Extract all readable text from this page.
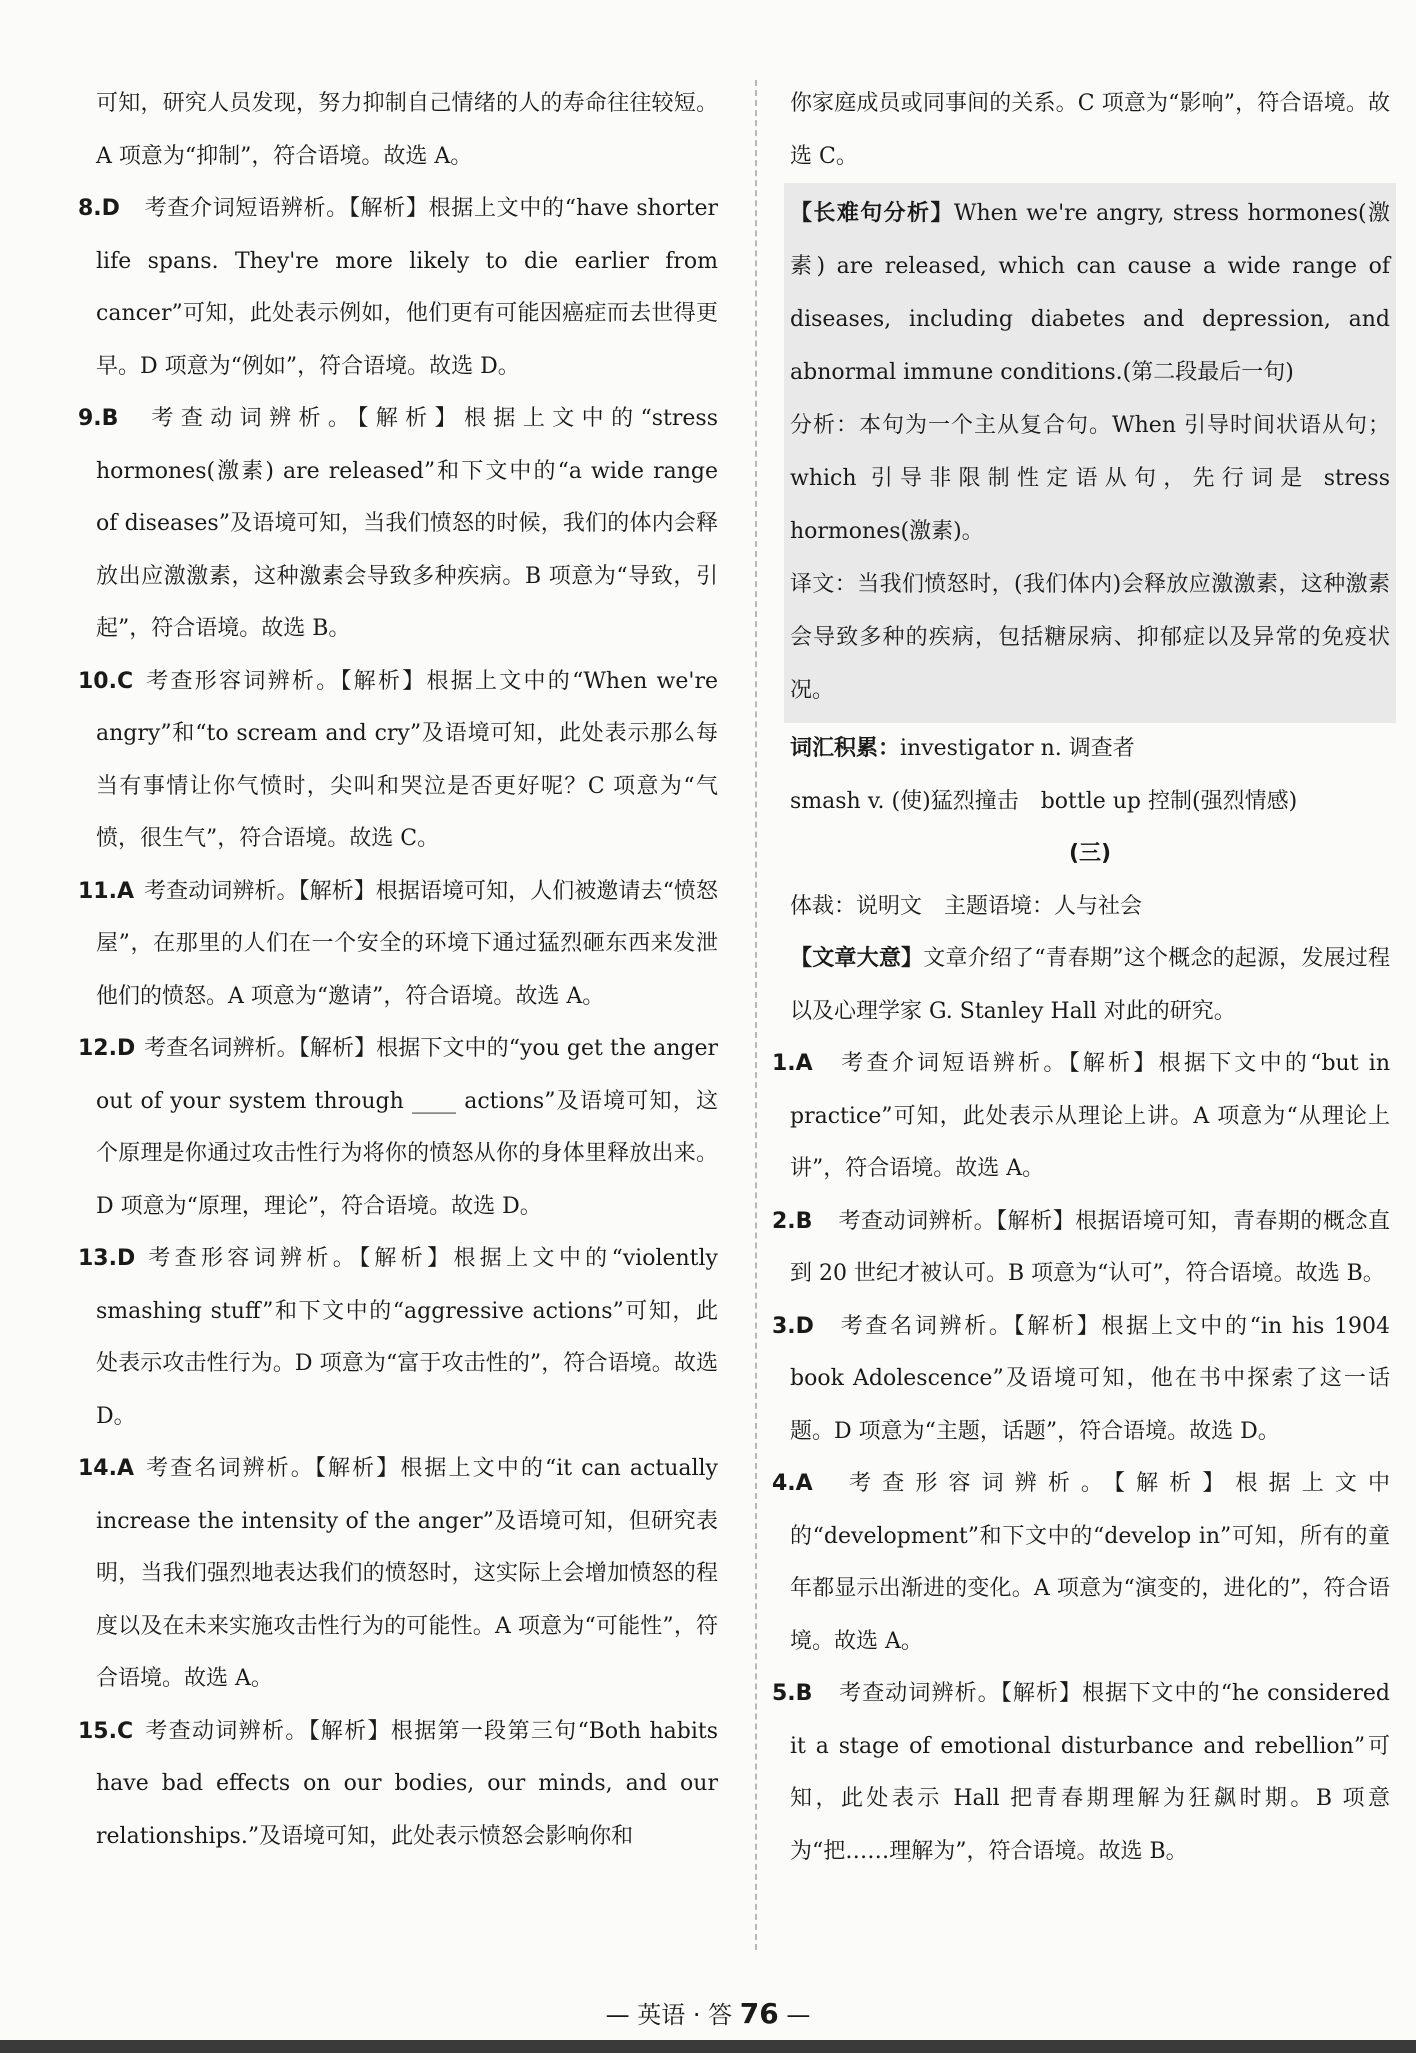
可知，研究人员发现，努力抑制自己情绪的人的寿命往往较短。A 项意为“抑制”，符合语境。故选 A。

8.D 考查介词短语辨析。【解析】根据上文中的“have shorter life spans. They're more likely to die earlier from cancer”可知，此处表示例如，他们更有可能因癌症而去世得更早。D 项意为“例如”，符合语境。故选 D。

9.B 考查动词辨析。【解析】根据上文中的“stress hormones(激素) are released”和下文中的“a wide range of diseases”及语境可知，当我们愤怒的时候，我们的体内会释放出应激激素，这种激素会导致多种疾病。B 项意为“导致，引起”，符合语境。故选 B。

10.C 考查形容词辨析。【解析】根据上文中的“When we're angry”和“to scream and cry”及语境可知，此处表示那么每当有事情让你气愤时，尖叫和哭泣是否更好呢？C 项意为“气愤，很生气”，符合语境。故选 C。

11.A 考查动词辨析。【解析】根据语境可知，人们被邀请去“愤怒屋”，在那里的人们在一个安全的环境下通过猛烈砸东西来发泄他们的愤怒。A 项意为“邀请”，符合语境。故选 A。

12.D 考查名词辨析。【解析】根据下文中的“you get the anger out of your system through ____ actions”及语境可知，这个原理是你通过攻击性行为将你的愤怒从你的身体里释放出来。D 项意为“原理，理论”，符合语境。故选 D。

13.D 考查形容词辨析。【解析】根据上文中的“violently smashing stuff”和下文中的“aggressive actions”可知，此处表示攻击性行为。D 项意为“富于攻击性的”，符合语境。故选 D。

14.A 考查名词辨析。【解析】根据上文中的“it can actually increase the intensity of the anger”及语境可知，但研究表明，当我们强烈地表达我们的愤怒时，这实际上会增加愤怒的程度以及在未来实施攻击性行为的可能性。A 项意为“可能性”，符合语境。故选 A。

15.C 考查动词辨析。【解析】根据第一段第三句“Both habits have bad effects on our bodies, our minds, and our relationships.”及语境可知，此处表示愤怒会影响你和

你家庭成员或同事间的关系。C 项意为“影响”，符合语境。故选 C。

【长难句分析】When we're angry, stress hormones(激素) are released, which can cause a wide range of diseases, including diabetes and depression, and abnormal immune conditions.(第二段最后一句)

分析：本句为一个主从复合句。When 引导时间状语从句；which 引导非限制性定语从句，先行词是 stress hormones(激素)。

译文：当我们愤怒时，(我们体内)会释放应激激素，这种激素会导致多种的疾病，包括糖尿病、抑郁症以及异常的免疫状况。

词汇积累：investigator n. 调查者

smash v. (使)猛烈撞击　bottle up 控制(强烈情感)

(三)

体裁：说明文　主题语境：人与社会

【文章大意】文章介绍了“青春期”这个概念的起源，发展过程以及心理学家 G. Stanley Hall 对此的研究。

1.A 考查介词短语辨析。【解析】根据下文中的“but in practice”可知，此处表示从理论上讲。A 项意为“从理论上讲”，符合语境。故选 A。

2.B 考查动词辨析。【解析】根据语境可知，青春期的概念直到 20 世纪才被认可。B 项意为“认可”，符合语境。故选 B。

3.D 考查名词辨析。【解析】根据上文中的“in his 1904 book Adolescence”及语境可知，他在书中探索了这一话题。D 项意为“主题，话题”，符合语境。故选 D。

4.A 考查形容词辨析。【解析】根据上文中的“development”和下文中的“develop in”可知，所有的童年都显示出渐进的变化。A 项意为“演变的，进化的”，符合语境。故选 A。

5.B 考查动词辨析。【解析】根据下文中的“he considered it a stage of emotional disturbance and rebellion”可知，此处表示 Hall 把青春期理解为狂飙时期。B 项意为“把……理解为”，符合语境。故选 B。

— 英语 · 答 76 —
